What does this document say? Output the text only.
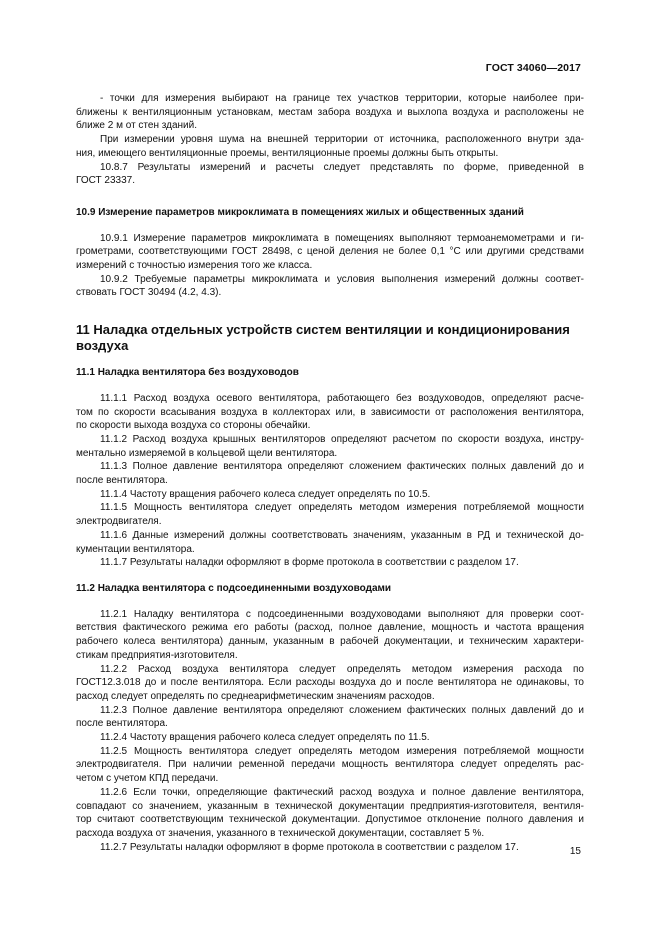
ГОСТ 34060—2017
- точки для измерения выбирают на границе тех участков территории, которые наиболее при-
ближены к вентиляционным установкам, местам забора воздуха и выхлопа воздуха и расположены не
ближе 2 м от стен зданий.
При измерении уровня шума на внешней территории от источника, расположенного внутри зда-
ния, имеющего вентиляционные проемы, вентиляционные проемы должны быть открыты.
10.8.7 Результаты измерений и расчеты следует представлять по форме, приведенной в
ГОСТ 23337.
10.9 Измерение параметров микроклимата в помещениях жилых и общественных зданий
10.9.1 Измерение параметров микроклимата в помещениях выполняют термоанемометрами и ги-
грометрами, соответствующими ГОСТ 28498, с ценой деления не более 0,1 °С или другими средствами
измерений с точностью измерения того же класса.
10.9.2 Требуемые параметры микроклимата и условия выполнения измерений должны соответ-
ствовать ГОСТ 30494 (4.2, 4.3).
11 Наладка отдельных устройств систем вентиляции и кондиционирования
воздуха
11.1 Наладка вентилятора без воздуховодов
11.1.1 Расход воздуха осевого вентилятора, работающего без воздуховодов, определяют расче-
том по скорости всасывания воздуха в коллекторах или, в зависимости от расположения вентилятора,
по скорости выхода воздуха со стороны обечайки.
11.1.2 Расход воздуха крышных вентиляторов определяют расчетом по скорости воздуха, инстру-
ментально измеряемой в кольцевой щели вентилятора.
11.1.3 Полное давление вентилятора определяют сложением фактических полных давлений до и
после вентилятора.
11.1.4 Частоту вращения рабочего колеса следует определять по 10.5.
11.1.5 Мощность вентилятора следует определять методом измерения потребляемой мощности
электродвигателя.
11.1.6 Данные измерений должны соответствовать значениям, указанным в РД и технической до-
кументации вентилятора.
11.1.7 Результаты наладки оформляют в форме протокола в соответствии с разделом 17.
11.2 Наладка вентилятора с подсоединенными воздуховодами
11.2.1 Наладку вентилятора с подсоединенными воздуховодами выполняют для проверки соот-
ветствия фактического режима его работы (расход, полное давление, мощность и частота вращения
рабочего колеса вентилятора) данным, указанным в рабочей документации, и техническим характери-
стикам предприятия-изготовителя.
11.2.2 Расход воздуха вентилятора следует определять методом измерения расхода по
ГОСТ12.3.018 до и после вентилятора. Если расходы воздуха до и после вентилятора не одинаковы, то
расход следует определять по среднеарифметическим значениям расходов.
11.2.3 Полное давление вентилятора определяют сложением фактических полных давлений до и
после вентилятора.
11.2.4 Частоту вращения рабочего колеса следует определять по 11.5.
11.2.5 Мощность вентилятора следует определять методом измерения потребляемой мощности
электродвигателя. При наличии ременной передачи мощность вентилятора следует определять рас-
четом с учетом КПД передачи.
11.2.6 Если точки, определяющие фактический расход воздуха и полное давление вентилятора,
совпадают со значением, указанным в технической документации предприятия-изготовителя, вентиля-
тор считают соответствующим технической документации. Допустимое отклонение полного давления и
расхода воздуха от значения, указанного в технической документации, составляет 5 %.
11.2.7 Результаты наладки оформляют в форме протокола в соответствии с разделом 17.	15
